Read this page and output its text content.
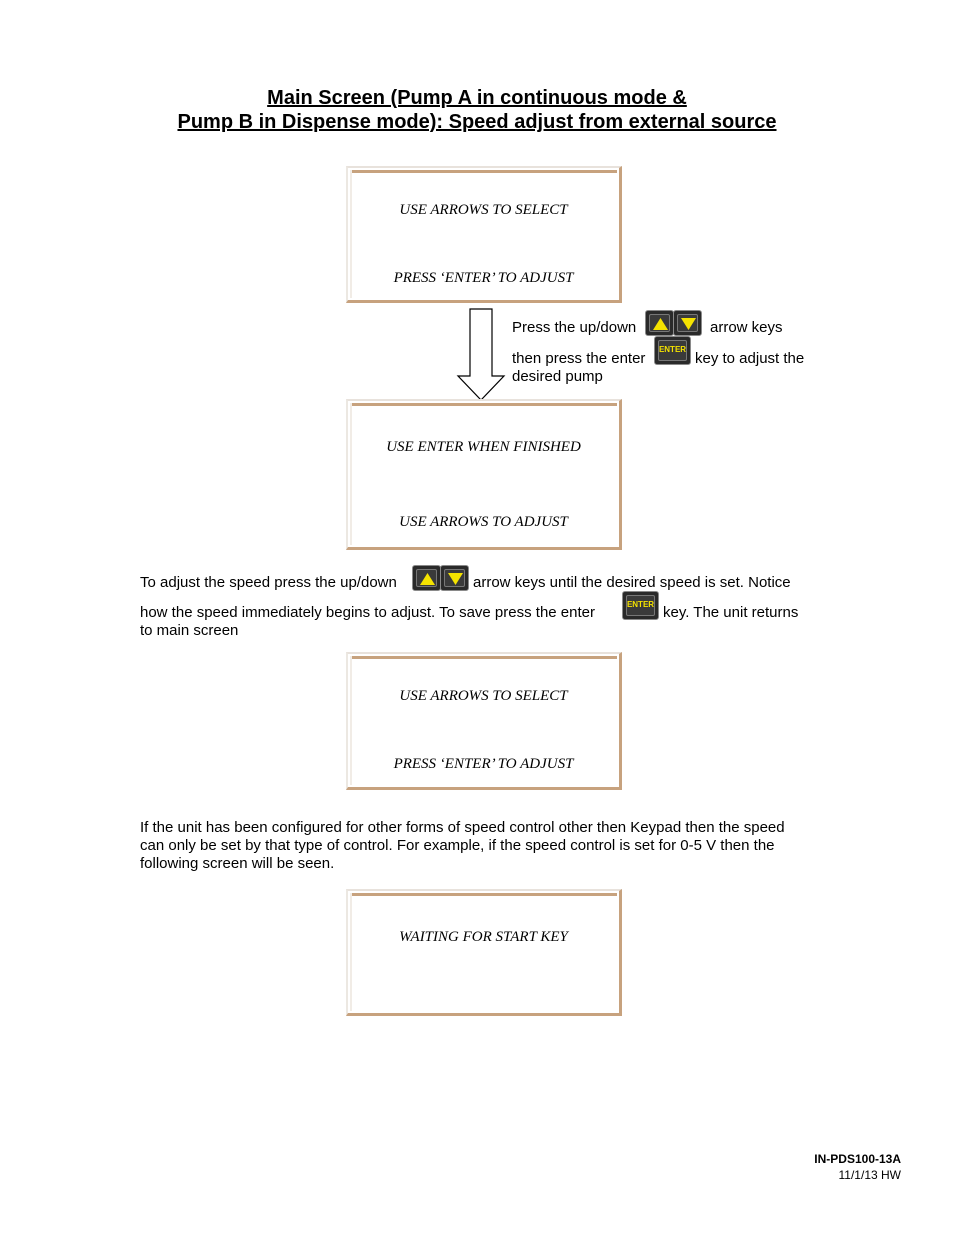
Main Screen (Pump A in continuous mode &
Pump B in Dispense mode): Speed adjust from external source
USE ARROWS TO SELECT
PRESS ‘ENTER’ TO ADJUST
Press the up/down	arrow keys
then press the enter
ENTER
key to adjust the
desired pump
USE ENTER WHEN FINISHED
USE ARROWS TO ADJUST
To adjust the speed press the up/down	arrow keys until the desired speed is set. Notice
how the speed immediately begins to adjust. To save press the enter	ENTER key. The unit returns
to main screen
USE ARROWS TO SELECT
PRESS ‘ENTER’ TO ADJUST
If the unit has been configured for other forms of speed control other then Keypad then the speed
can only be set by that type of control. For example, if the speed control is set for 0-5 V then the
following screen will be seen.
WAITING FOR START KEY
IN-PDS100-13A
11/1/13 HW
